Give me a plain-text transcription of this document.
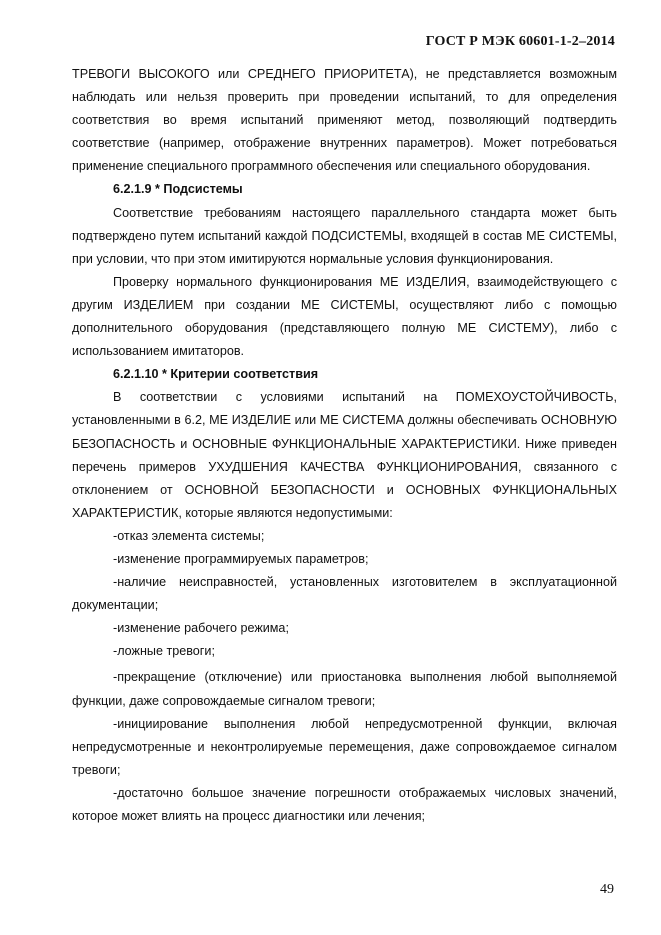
ГОСТ Р МЭК 60601-1-2–2014

ТРЕВОГИ ВЫСОКОГО или СРЕДНЕГО ПРИОРИТЕТА), не представляется возможным наблюдать или нельзя проверить при проведении испытаний, то для определения соответствия во время испытаний применяют метод, позволяющий подтвердить соответствие (например, отображение внутренних параметров). Может потребоваться применение специального программного обеспечения или специального оборудования.

6.2.1.9 * Подсистемы

Соответствие требованиям настоящего параллельного стандарта может быть подтверждено путем испытаний каждой ПОДСИСТЕМЫ, входящей в состав МЕ СИСТЕМЫ, при условии, что при этом имитируются нормальные условия функционирования.

Проверку нормального функционирования МЕ ИЗДЕЛИЯ, взаимодействующего с другим ИЗДЕЛИЕМ при создании МЕ СИСТЕМЫ, осуществляют либо с помощью дополнительного оборудования (представляющего полную МЕ СИСТЕМУ), либо с использованием имитаторов.

6.2.1.10 * Критерии соответствия

В соответствии с условиями испытаний на ПОМЕХОУСТОЙЧИВОСТЬ, установленными в 6.2, МЕ ИЗДЕЛИЕ или МЕ СИСТЕМА должны обеспечивать ОСНОВНУЮ БЕЗОПАСНОСТЬ и ОСНОВНЫЕ ФУНКЦИОНАЛЬНЫЕ ХАРАКТЕРИСТИКИ. Ниже приведен перечень примеров УХУДШЕНИЯ КАЧЕСТВА ФУНКЦИОНИРОВАНИЯ, связанного с отклонением от ОСНОВНОЙ БЕЗОПАСНОСТИ и ОСНОВНЫХ ФУНКЦИОНАЛЬНЫХ ХАРАКТЕРИСТИК, которые являются недопустимыми:

-отказ элемента системы;

-изменение программируемых параметров;

-наличие неисправностей, установленных изготовителем в эксплуатационной документации;

-изменение рабочего режима;

-ложные тревоги;

-прекращение (отключение) или приостановка выполнения любой выполняемой функции, даже сопровождаемые сигналом тревоги;

-инициирование выполнения любой непредусмотренной функции, включая непредусмотренные и неконтролируемые перемещения, даже сопровождаемое сигналом тревоги;

-достаточно большое значение погрешности отображаемых числовых значений, которое может влиять на процесс диагностики или лечения;

49
